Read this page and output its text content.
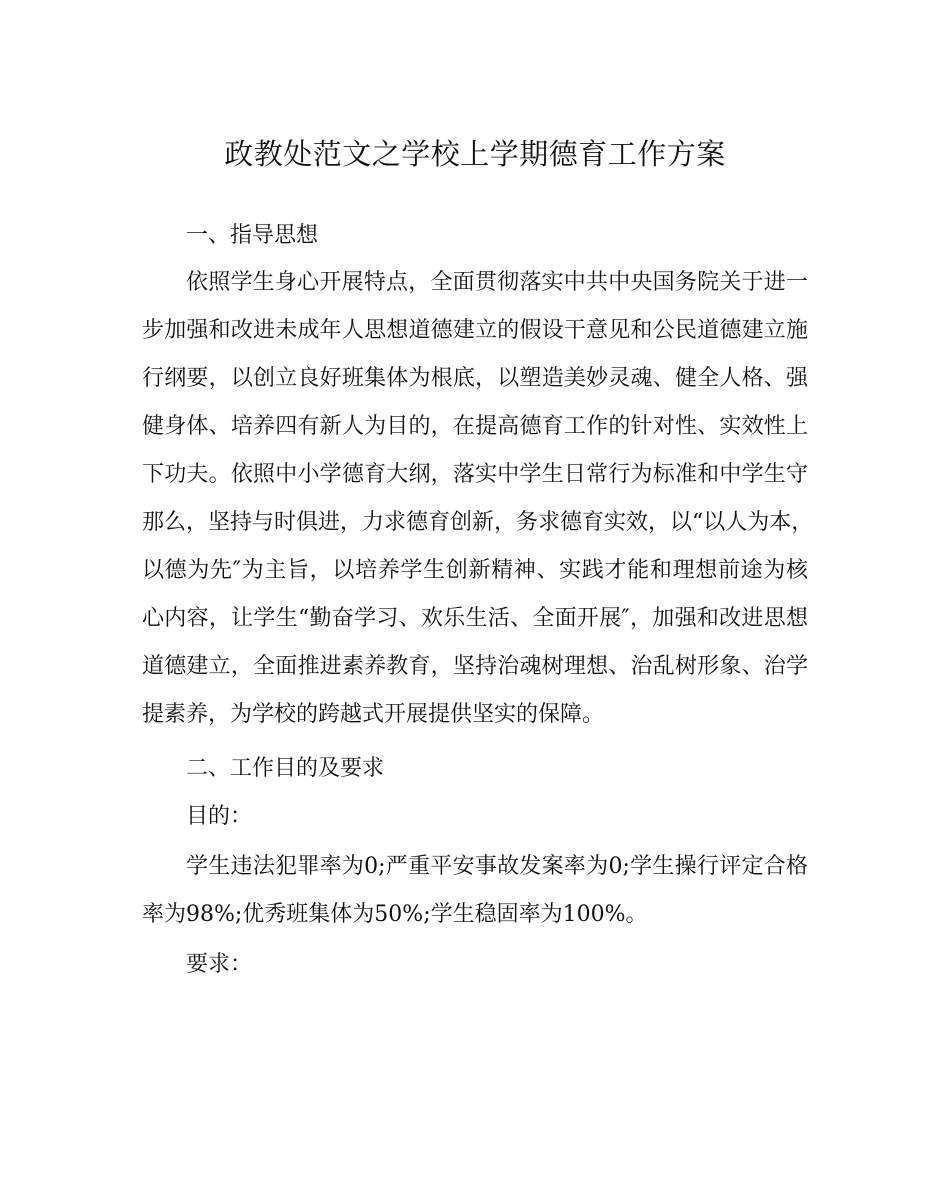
政教处范文之学校上学期德育工作方案

一、指导思想

依照学生身心开展特点，全面贯彻落实中共中央国务院关于进一

步加强和改进未成年人思想道德建立的假设干意见和公民道德建立施

行纲要，以创立良好班集体为根底，以塑造美妙灵魂、健全人格、强

健身体、培养四有新人为目的，在提高德育工作的针对性、实效性上

下功夫。依照中小学德育大纲，落实中学生日常行为标准和中学生守

那么，坚持与时俱进，力求德育创新，务求德育实效，以“以人为本，

以德为先″为主旨，以培养学生创新精神、实践才能和理想前途为核

心内容，让学生“勤奋学习、欢乐生活、全面开展″，加强和改进思想

道德建立，全面推进素养教育，坚持治魂树理想、治乱树形象、治学

提素养，为学校的跨越式开展提供坚实的保障。

二、工作目的及要求

目的：

学生违法犯罪率为0;严重平安事故发案率为0;学生操行评定合格

率为98%;优秀班集体为50%;学生稳固率为100%。

要求：
